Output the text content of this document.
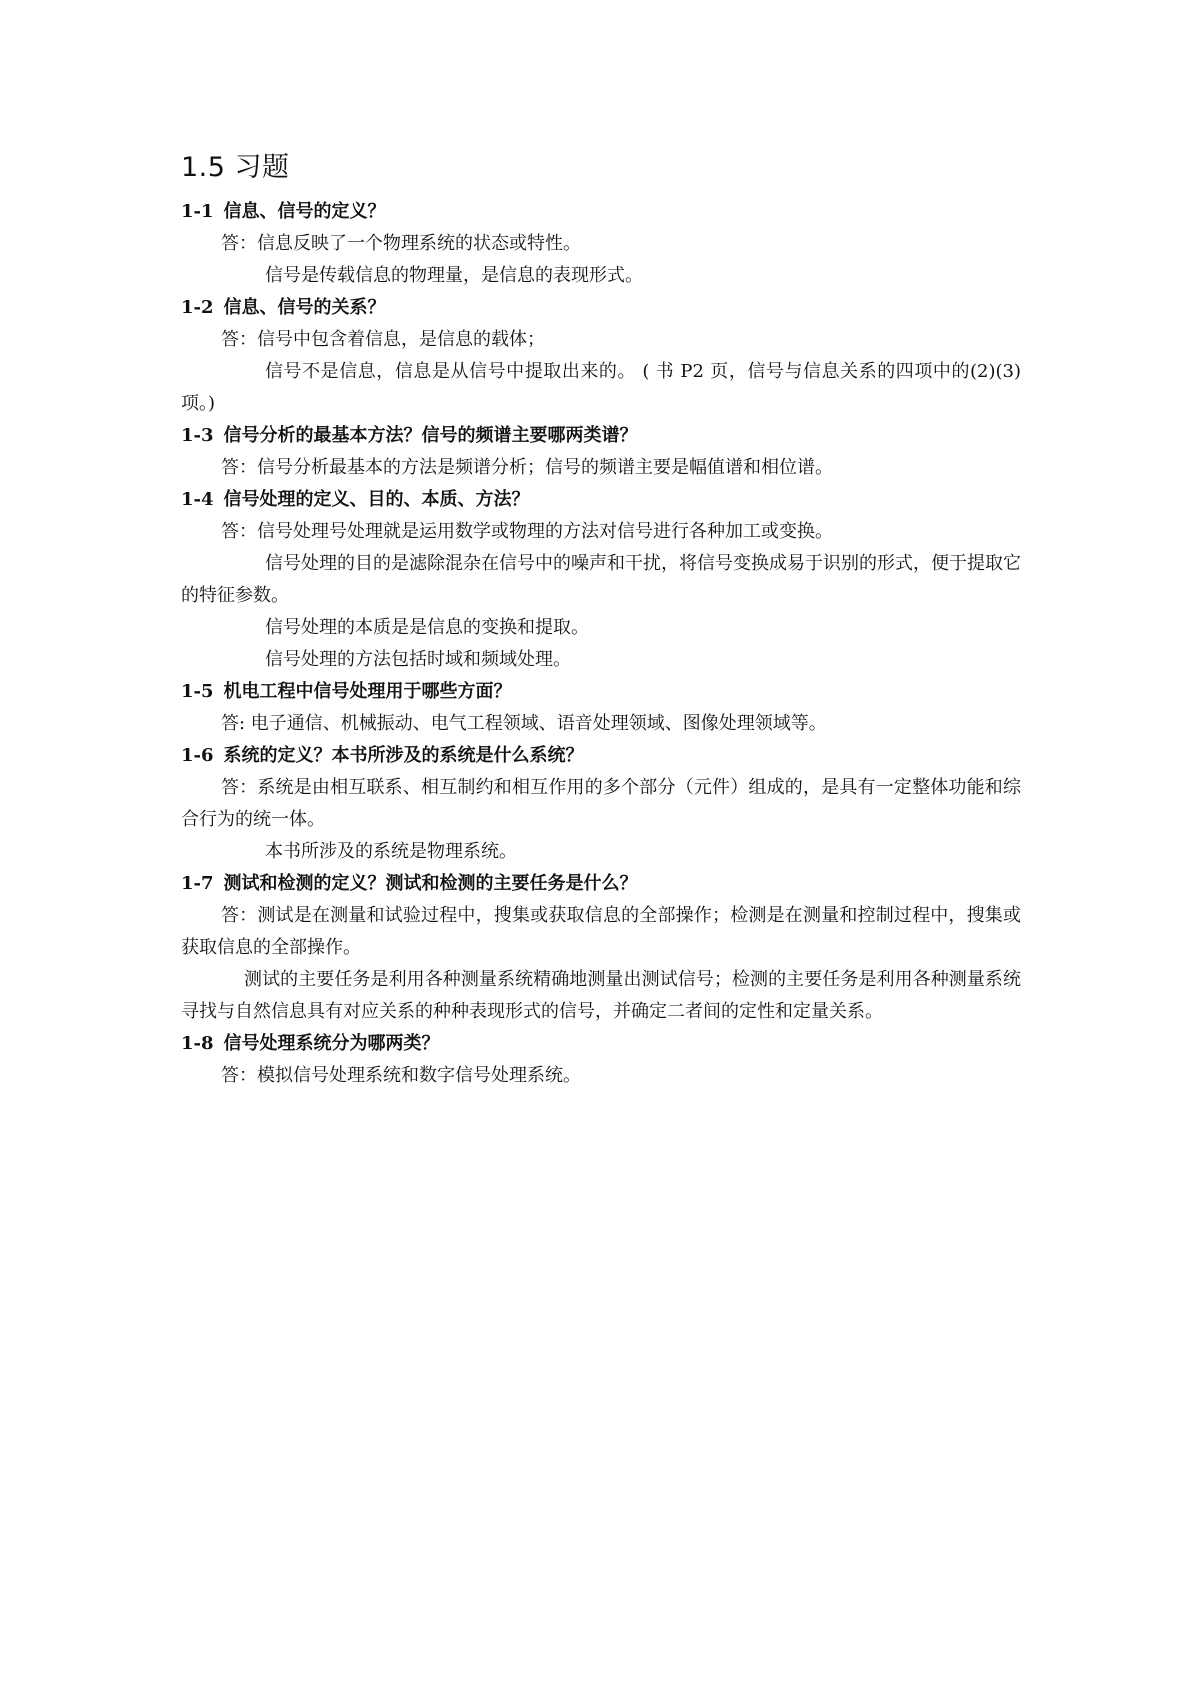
1.5 习题

1-1 信息、信号的定义？

答：信息反映了一个物理系统的状态或特性。

信号是传载信息的物理量，是信息的表现形式。

1-2 信息、信号的关系？

答：信号中包含着信息，是信息的载体；

信号不是信息，信息是从信号中提取出来的。 ( 书 P2 页，信号与信息关系的四项中的(2)(3)项。)

1-3 信号分析的最基本方法？信号的频谱主要哪两类谱？

答：信号分析最基本的方法是频谱分析；信号的频谱主要是幅值谱和相位谱。

1-4 信号处理的定义、目的、本质、方法？

答：信号处理号处理就是运用数学或物理的方法对信号进行各种加工或变换。

信号处理的目的是滤除混杂在信号中的噪声和干扰，将信号变换成易于识别的形式，便于提取它的特征参数。

信号处理的本质是是信息的变换和提取。

信号处理的方法包括时域和频域处理。

1-5 机电工程中信号处理用于哪些方面？

答: 电子通信、机械振动、电气工程领域、语音处理领域、图像处理领域等。

1-6 系统的定义？本书所涉及的系统是什么系统？

答：系统是由相互联系、相互制约和相互作用的多个部分（元件）组成的，是具有一定整体功能和综合行为的统一体。

本书所涉及的系统是物理系统。

1-7 测试和检测的定义？测试和检测的主要任务是什么？

答：测试是在测量和试验过程中，搜集或获取信息的全部操作；检测是在测量和控制过程中，搜集或获取信息的全部操作。

测试的主要任务是利用各种测量系统精确地测量出测试信号；检测的主要任务是利用各种测量系统寻找与自然信息具有对应关系的种种表现形式的信号，并确定二者间的定性和定量关系。

1-8 信号处理系统分为哪两类？

答：模拟信号处理系统和数字信号处理系统。
